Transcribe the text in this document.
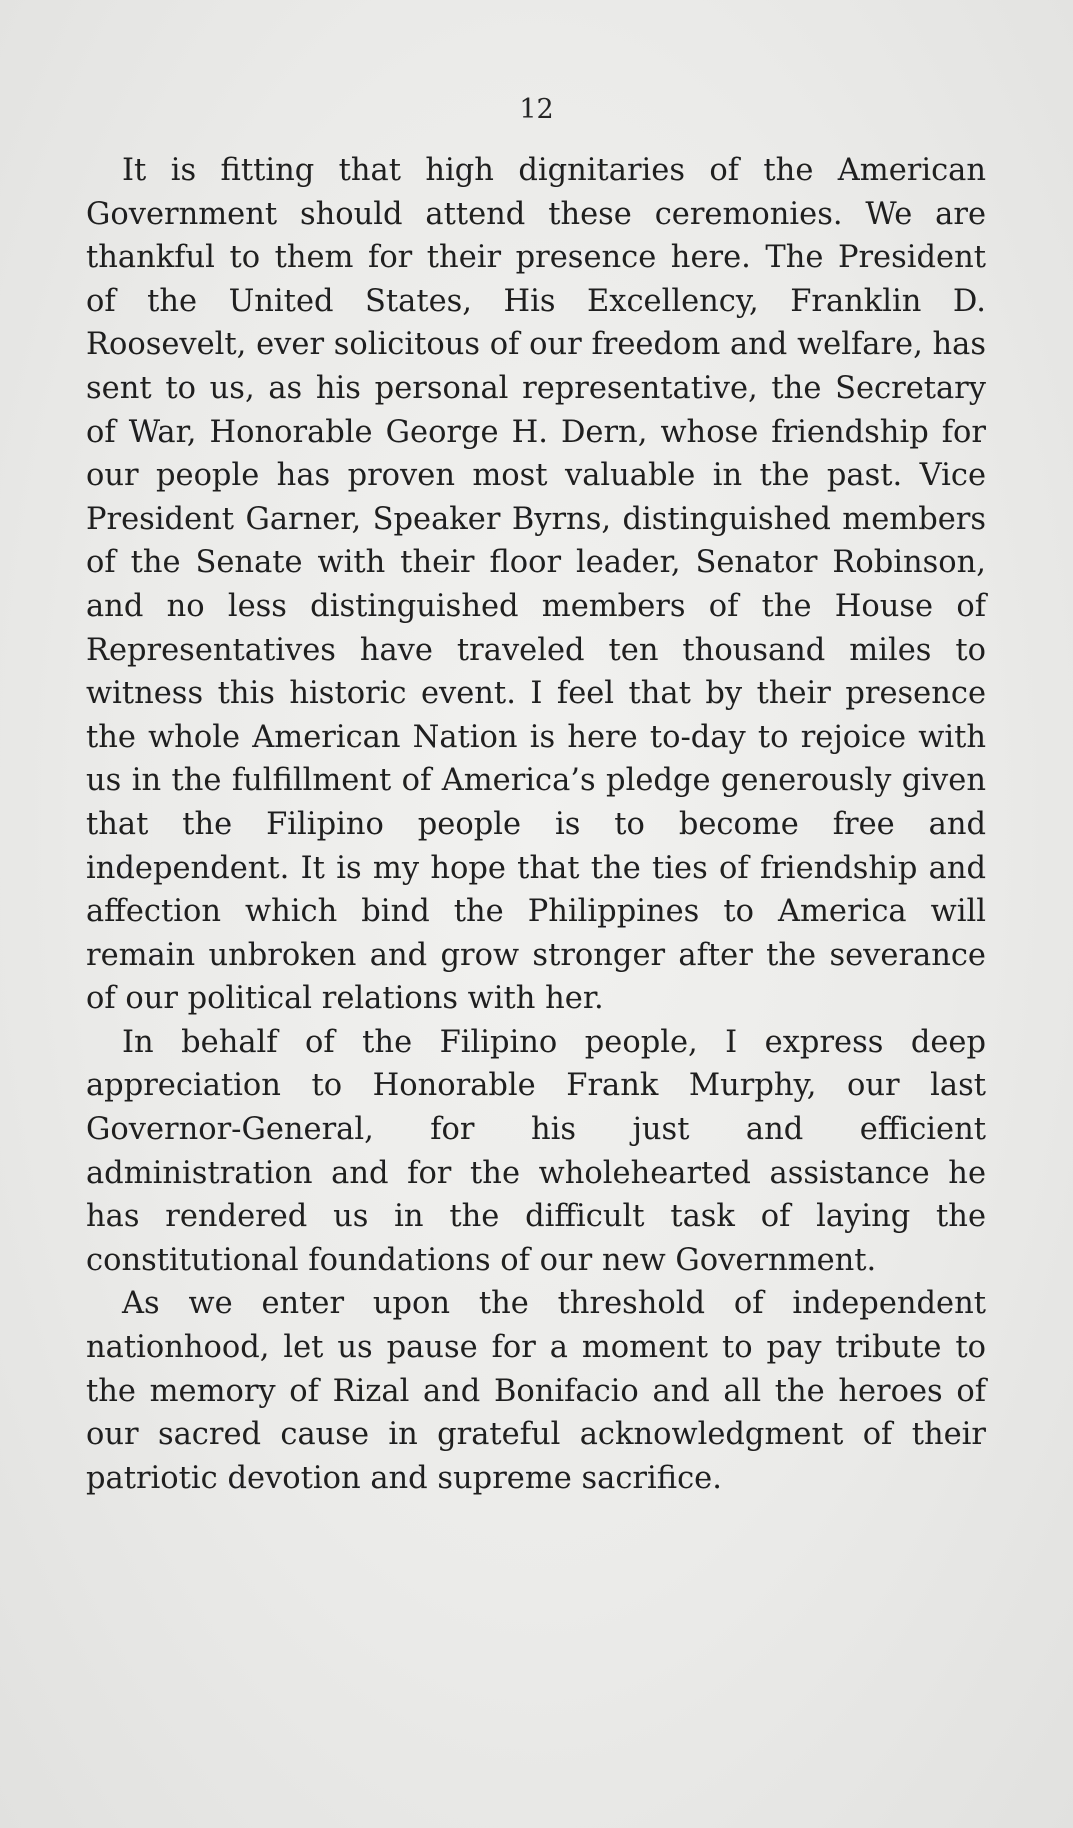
12

It is fitting that high dignitaries of the American Government should attend these ceremonies. We are thankful to them for their presence here. The President of the United States, His Excellency, Franklin D. Roosevelt, ever solicitous of our freedom and welfare, has sent to us, as his personal representative, the Secretary of War, Honorable George H. Dern, whose friendship for our people has proven most valuable in the past. Vice President Garner, Speaker Byrns, distinguished members of the Senate with their floor leader, Senator Robinson, and no less distinguished members of the House of Representatives have traveled ten thousand miles to witness this historic event. I feel that by their presence the whole American Nation is here to-day to rejoice with us in the fulfillment of America’s pledge generously given that the Filipino people is to become free and independent. It is my hope that the ties of friendship and affection which bind the Philippines to America will remain unbroken and grow stronger after the severance of our political relations with her.

In behalf of the Filipino people, I express deep appreciation to Honorable Frank Murphy, our last Governor-General, for his just and efficient administration and for the wholehearted assistance he has rendered us in the difficult task of laying the constitutional foundations of our new Government.

As we enter upon the threshold of independent nationhood, let us pause for a moment to pay tribute to the memory of Rizal and Bonifacio and all the heroes of our sacred cause in grateful acknowledgment of their patriotic devotion and supreme sacrifice.
